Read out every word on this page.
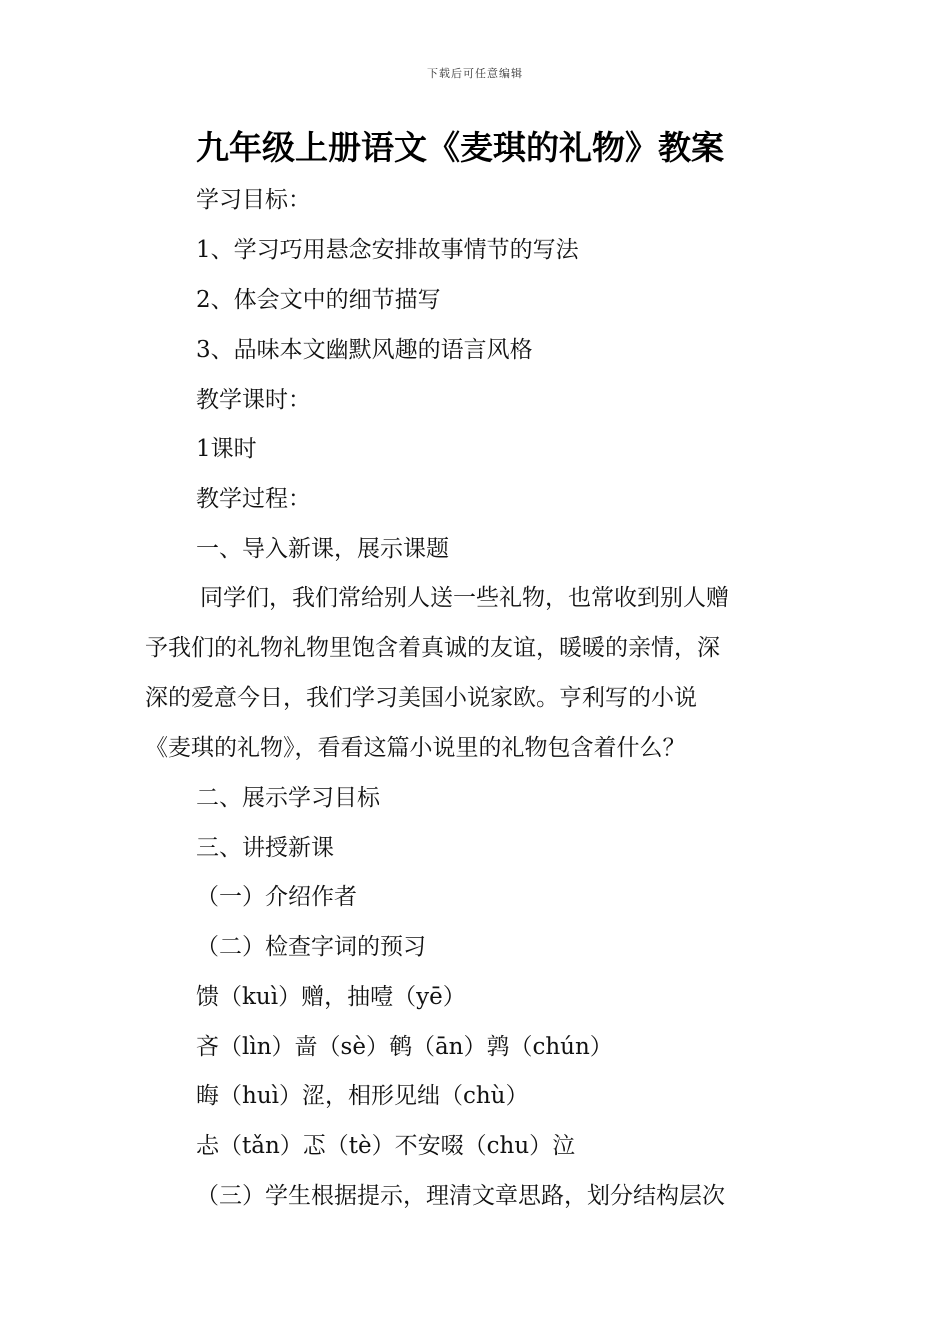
下载后可任意编辑
九年级上册语文《麦琪的礼物》教案
学习目标：
1、学习巧用悬念安排故事情节的写法
2、体会文中的细节描写
3、品味本文幽默风趣的语言风格
教学课时：
1课时
教学过程：
一、导入新课，展示课题
同学们，我们常给别人送一些礼物，也常收到别人赠
予我们的礼物礼物里饱含着真诚的友谊，暖暖的亲情，深
深的爱意今日，我们学习美国小说家欧。亨利写的小说
《麦琪的礼物》，看看这篇小说里的礼物包含着什么？
二、展示学习目标
三、讲授新课
（一）介绍作者
（二）检查字词的预习
馈（kuì）赠，抽噎（yē）
吝（lìn）啬（sè）鹌（ān）鹑（chún）
晦（huì）涩，相形见绌（chù）
忐（tǎn）忑（tè）不安啜（chu）泣
（三）学生根据提示，理清文章思路，划分结构层次
